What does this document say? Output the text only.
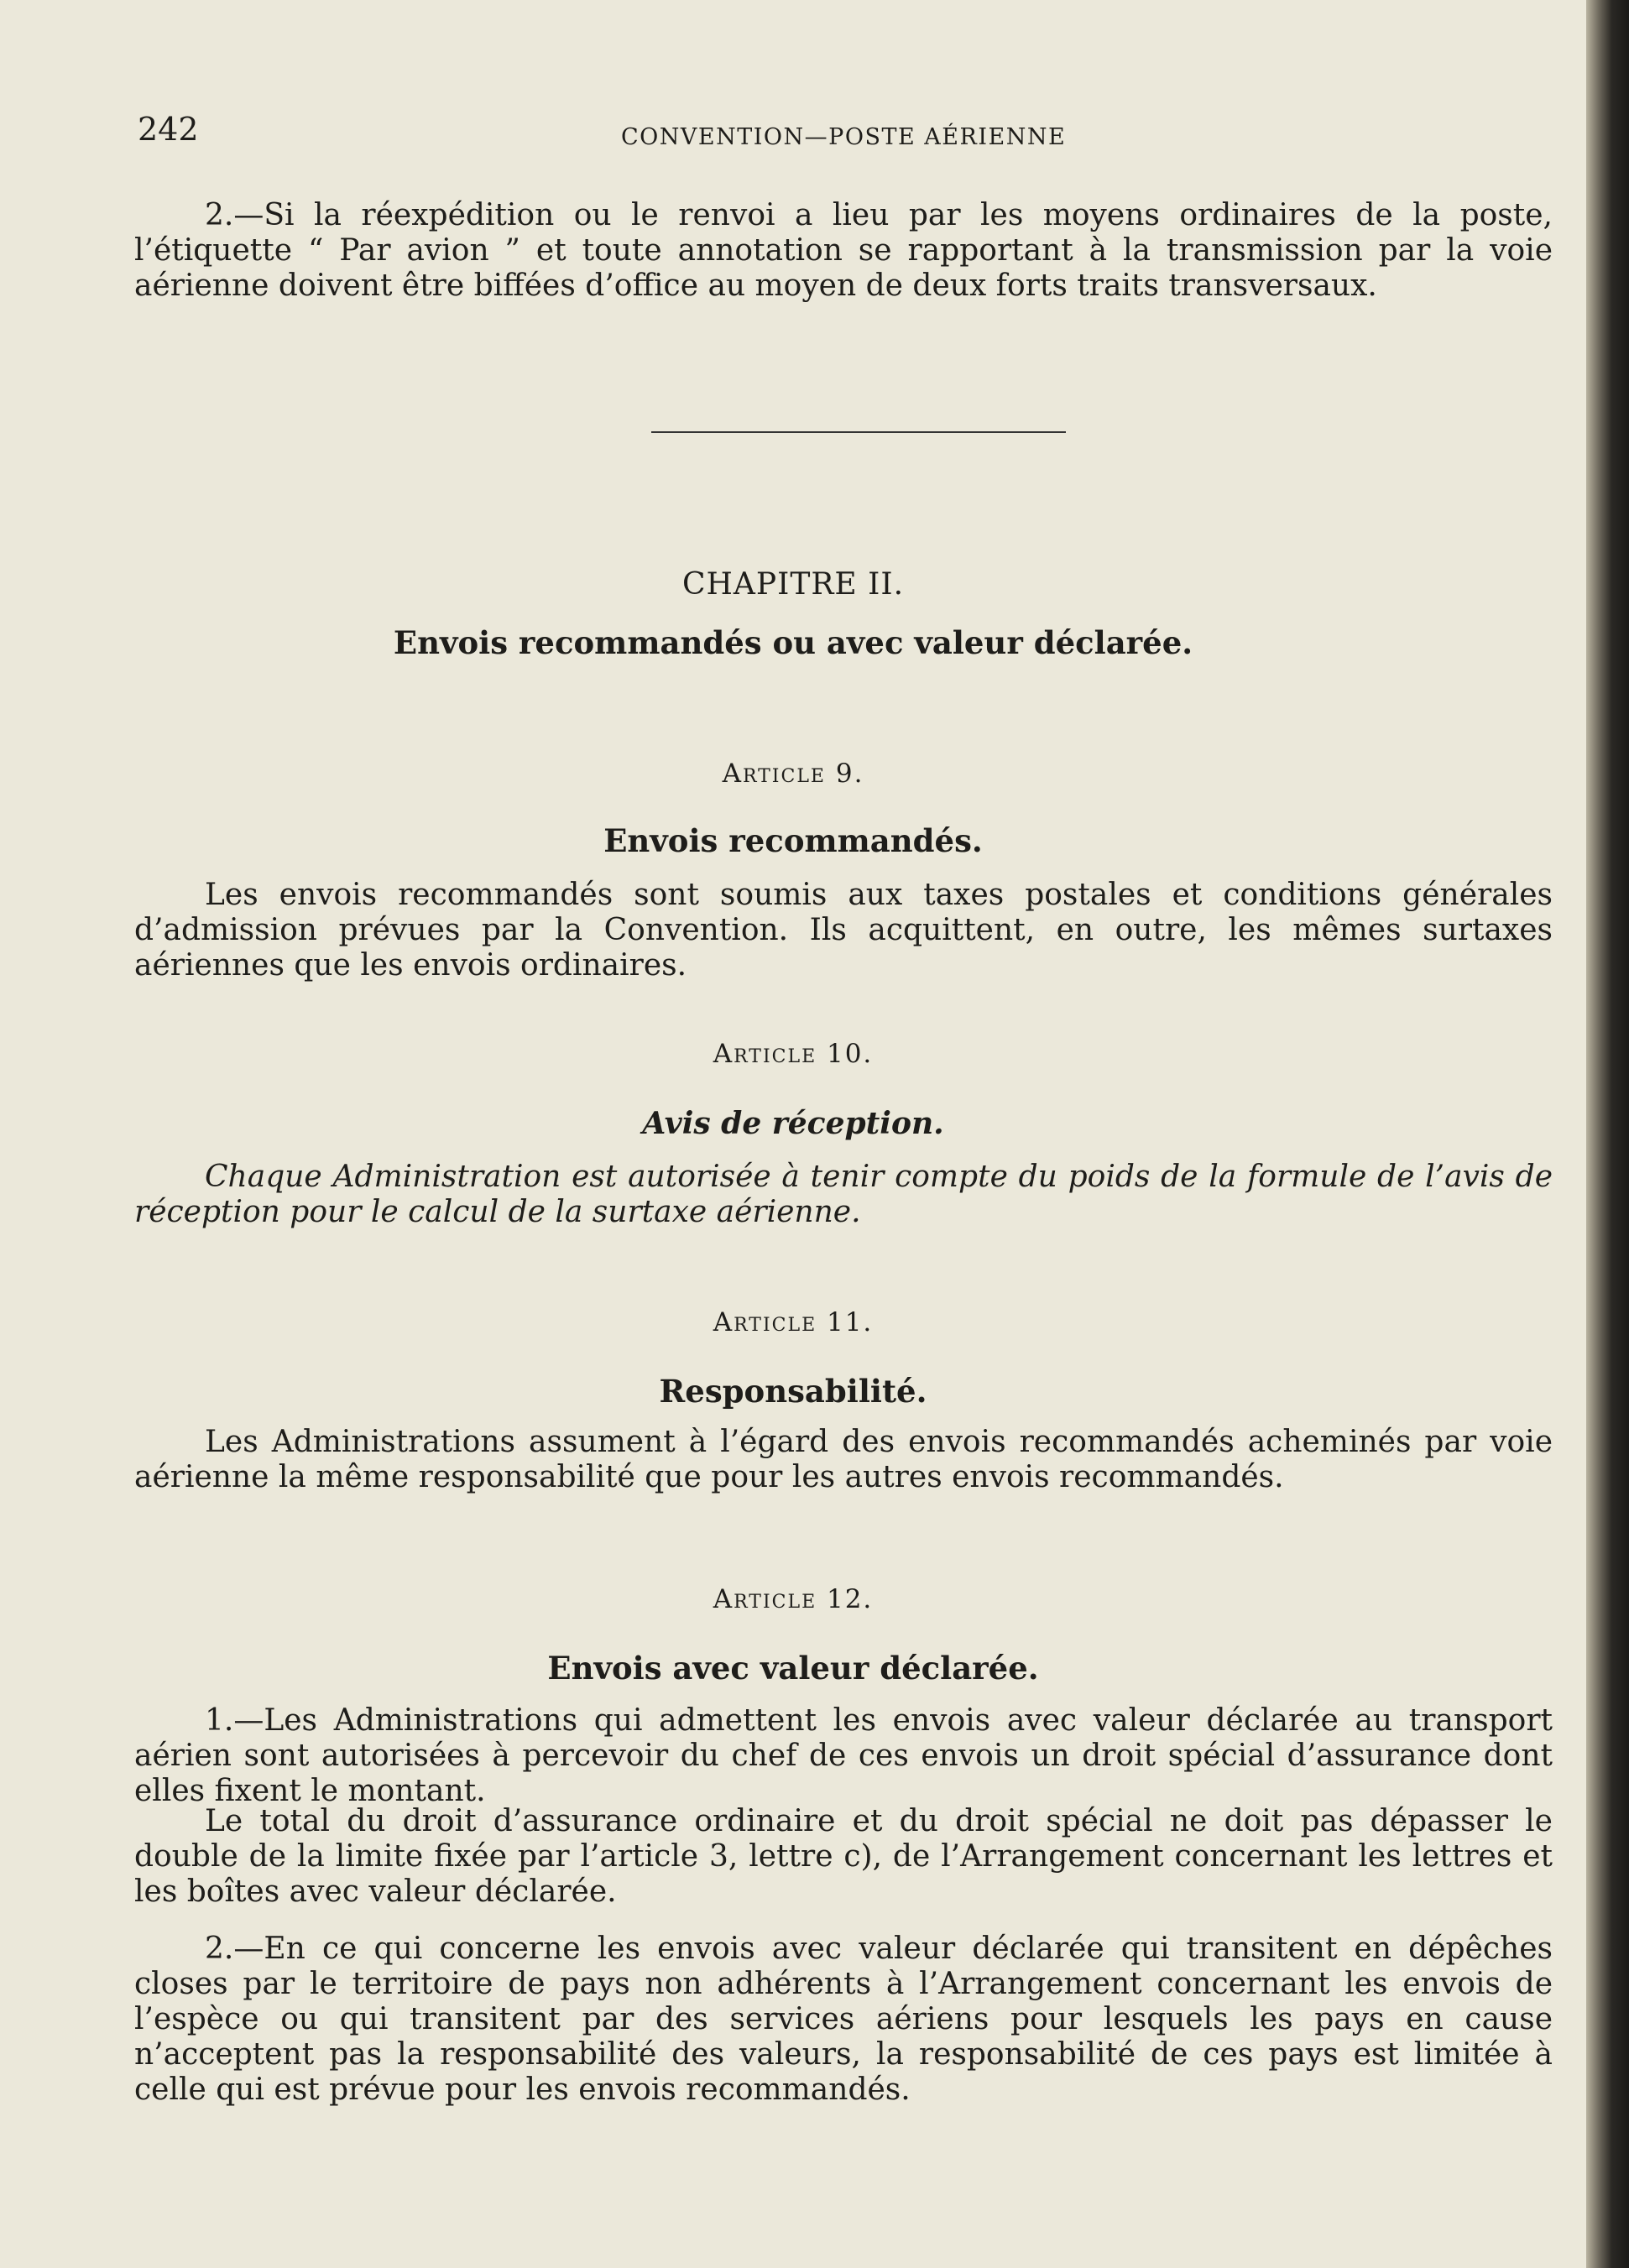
242	CONVENTION—POSTE AÉRIENNE

2.—Si la réexpédition ou le renvoi a lieu par les moyens ordinaires de la poste, l’étiquette “ Par avion ” et toute annotation se rapportant à la transmission par la voie aérienne doivent être biffées d’office au moyen de deux forts traits transversaux.

CHAPITRE II.
Envois recommandés ou avec valeur déclarée.
Article 9.
Envois recommandés.

Les envois recommandés sont soumis aux taxes postales et conditions générales d’admission prévues par la Convention. Ils acquittent, en outre, les mêmes surtaxes aériennes que les envois ordinaires.

Article 10.
Avis de réception.

Chaque Administration est autorisée à tenir compte du poids de la formule de l’avis de réception pour le calcul de la surtaxe aérienne.

Article 11.
Responsabilité.

Les Administrations assument à l’égard des envois recommandés acheminés par voie aérienne la même responsabilité que pour les autres envois recommandés.

Article 12.
Envois avec valeur déclarée.

1.—Les Administrations qui admettent les envois avec valeur déclarée au transport aérien sont autorisées à percevoir du chef de ces envois un droit spécial d’assurance dont elles fixent le montant.

Le total du droit d’assurance ordinaire et du droit spécial ne doit pas dépasser le double de la limite fixée par l’article 3, lettre c), de l’Arrangement concernant les lettres et les boîtes avec valeur déclarée.

2.—En ce qui concerne les envois avec valeur déclarée qui transitent en dépêches closes par le territoire de pays non adhérents à l’Arrangement concernant les envois de l’espèce ou qui transitent par des services aériens pour lesquels les pays en cause n’acceptent pas la responsabilité des valeurs, la responsabilité de ces pays est limitée à celle qui est prévue pour les envois recommandés.
